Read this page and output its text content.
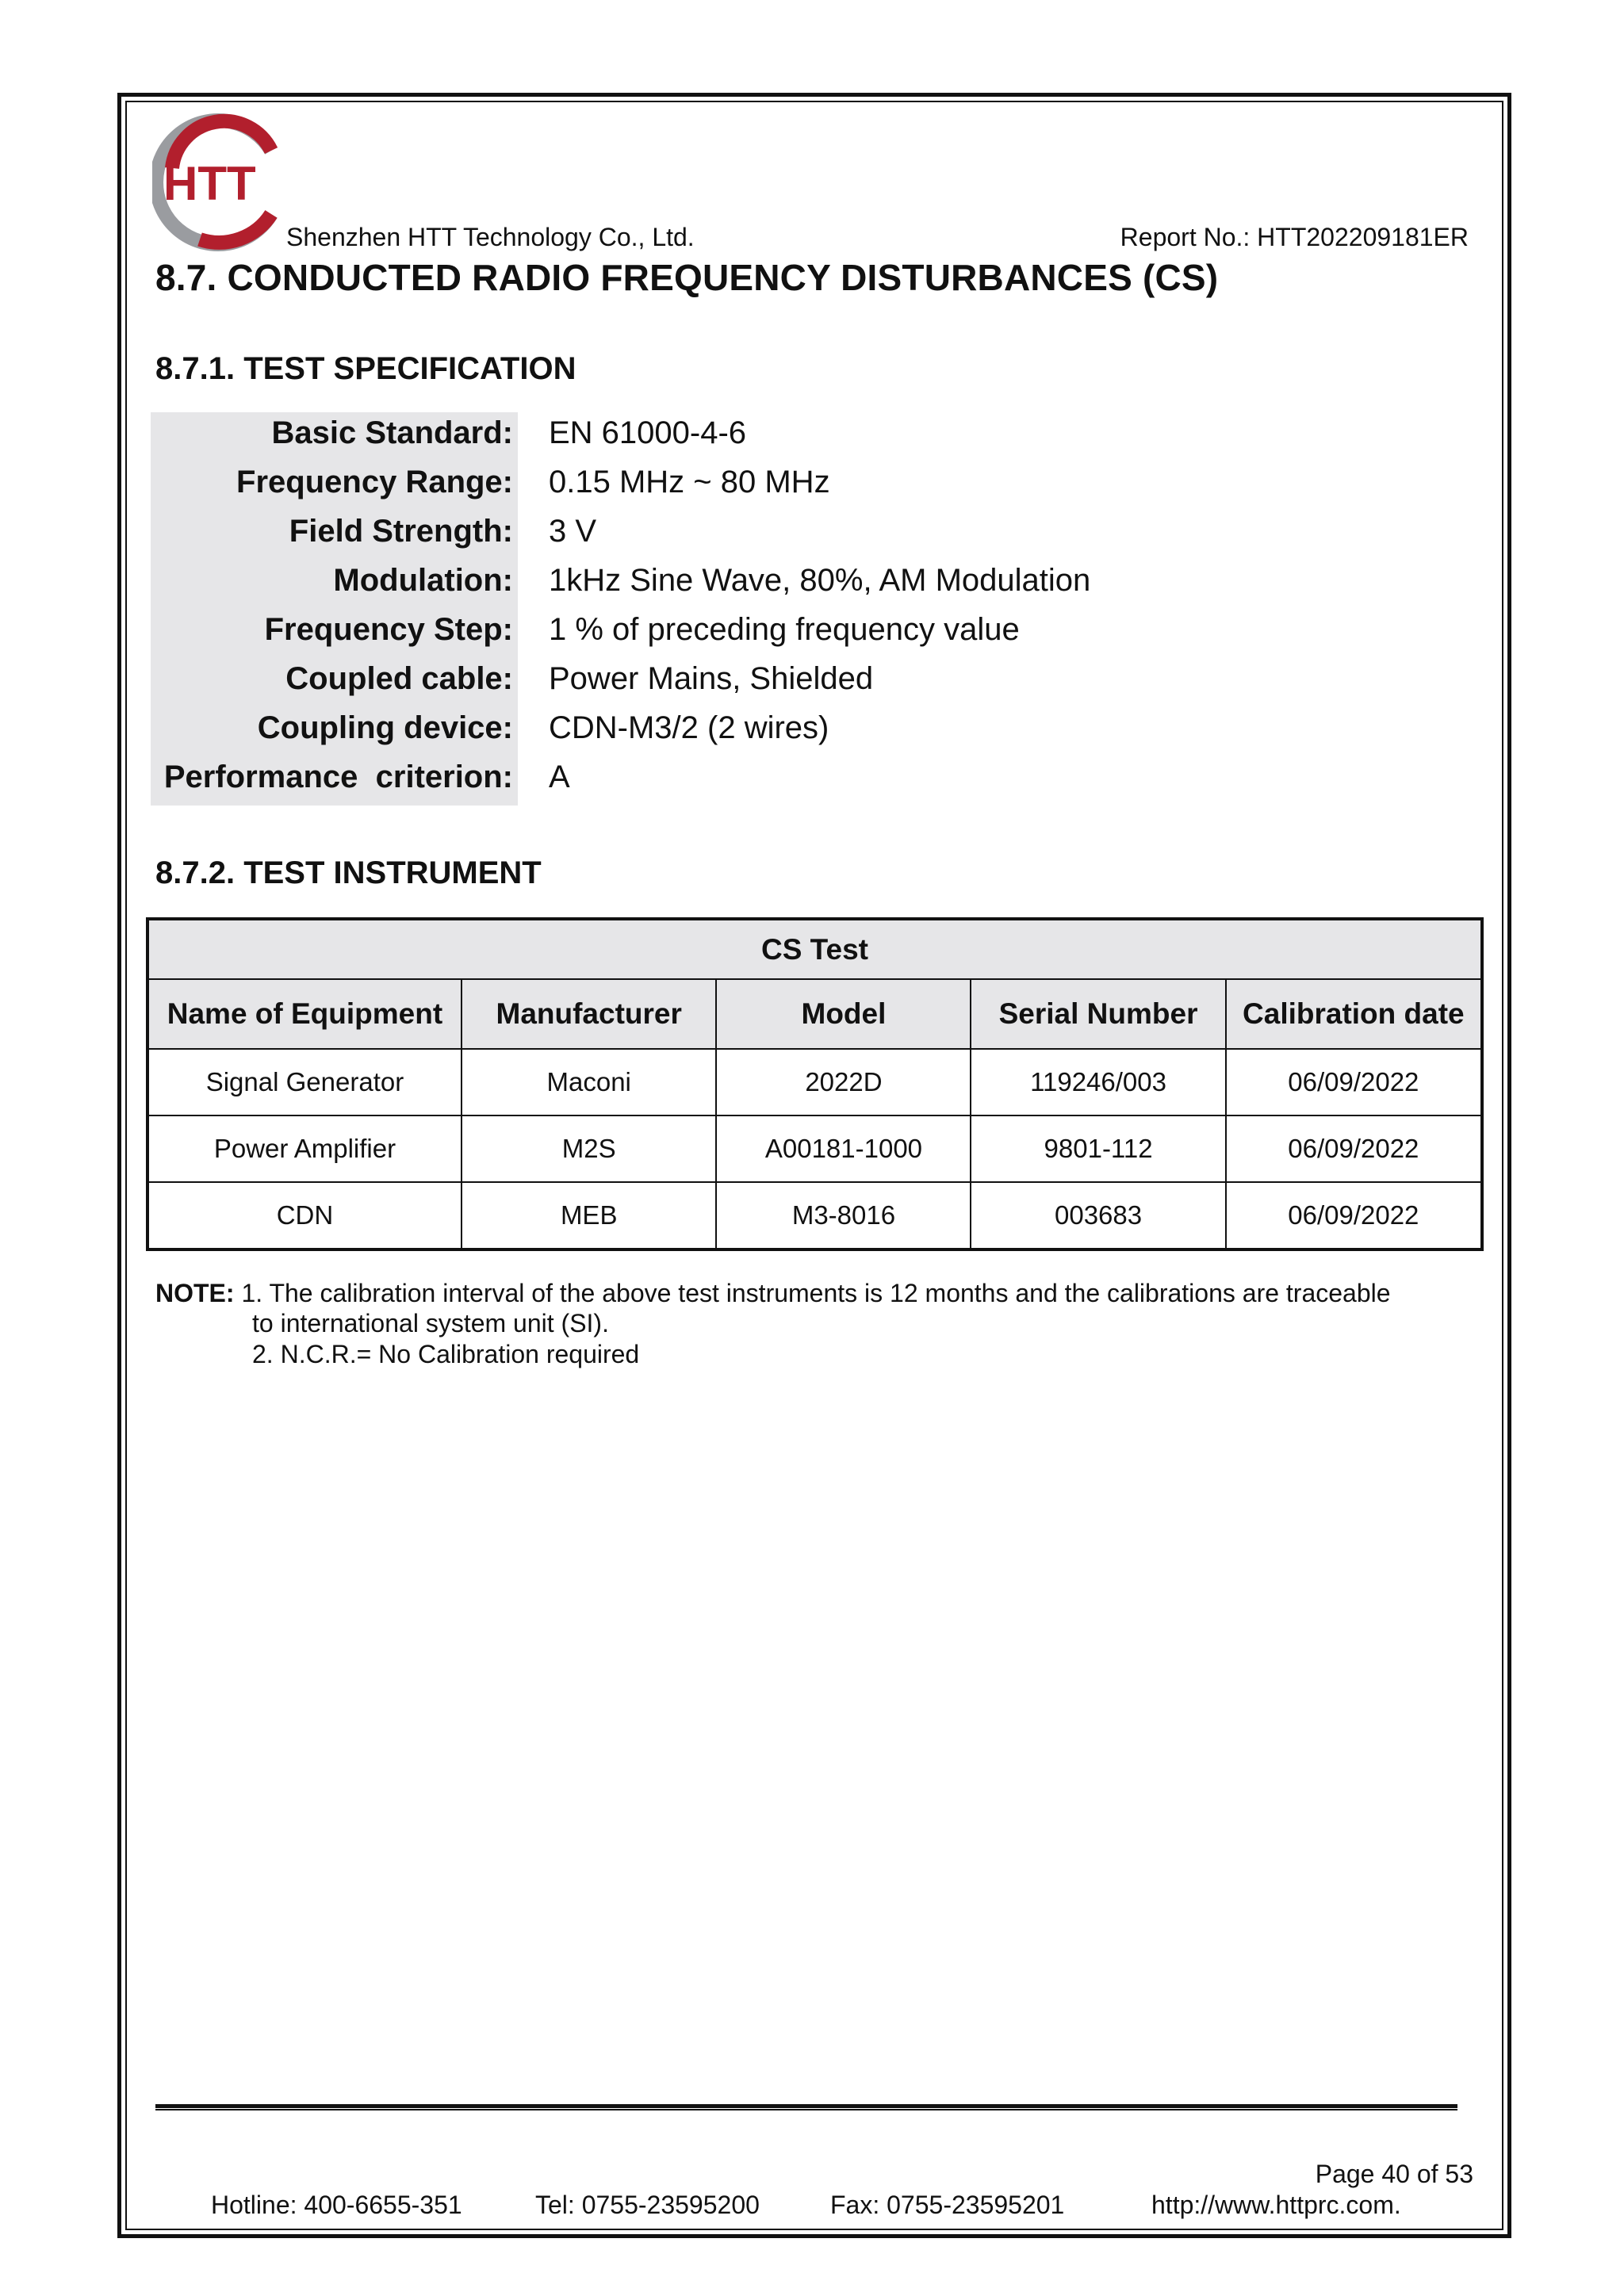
HTT
Shenzhen HTT Technology Co., Ltd.	Report No.: HTT202209181ER
8.7. CONDUCTED RADIO FREQUENCY DISTURBANCES (CS)
8.7.1. TEST SPECIFICATION
Basic Standard: EN 61000-4-6
Frequency Range: 0.15 MHz ~ 80 MHz
Field Strength: 3 V
Modulation: 1kHz Sine Wave, 80%, AM Modulation
Frequency Step: 1 % of preceding frequency value
Coupled cable: Power Mains, Shielded
Coupling device: CDN-M3/2 (2 wires)
Performance  criterion: A
8.7.2. TEST INSTRUMENT
CS Test				
Name of Equipment	Manufacturer	Model	Serial Number	Calibration date
Signal Generator	Maconi	2022D	119246/003	06/09/2022
Power Amplifier	M2S	A00181-1000	9801-112	06/09/2022
CDN	MEB	M3-8016	003683	06/09/2022
NOTE: 1. The calibration interval of the above test instruments is 12 months and the calibrations are traceable
to international system unit (SI).
2. N.C.R.= No Calibration required
Page 40 of 53
Hotline: 400-6655-351	Tel: 0755-23595200	Fax: 0755-23595201	http://www.httprc.com.
